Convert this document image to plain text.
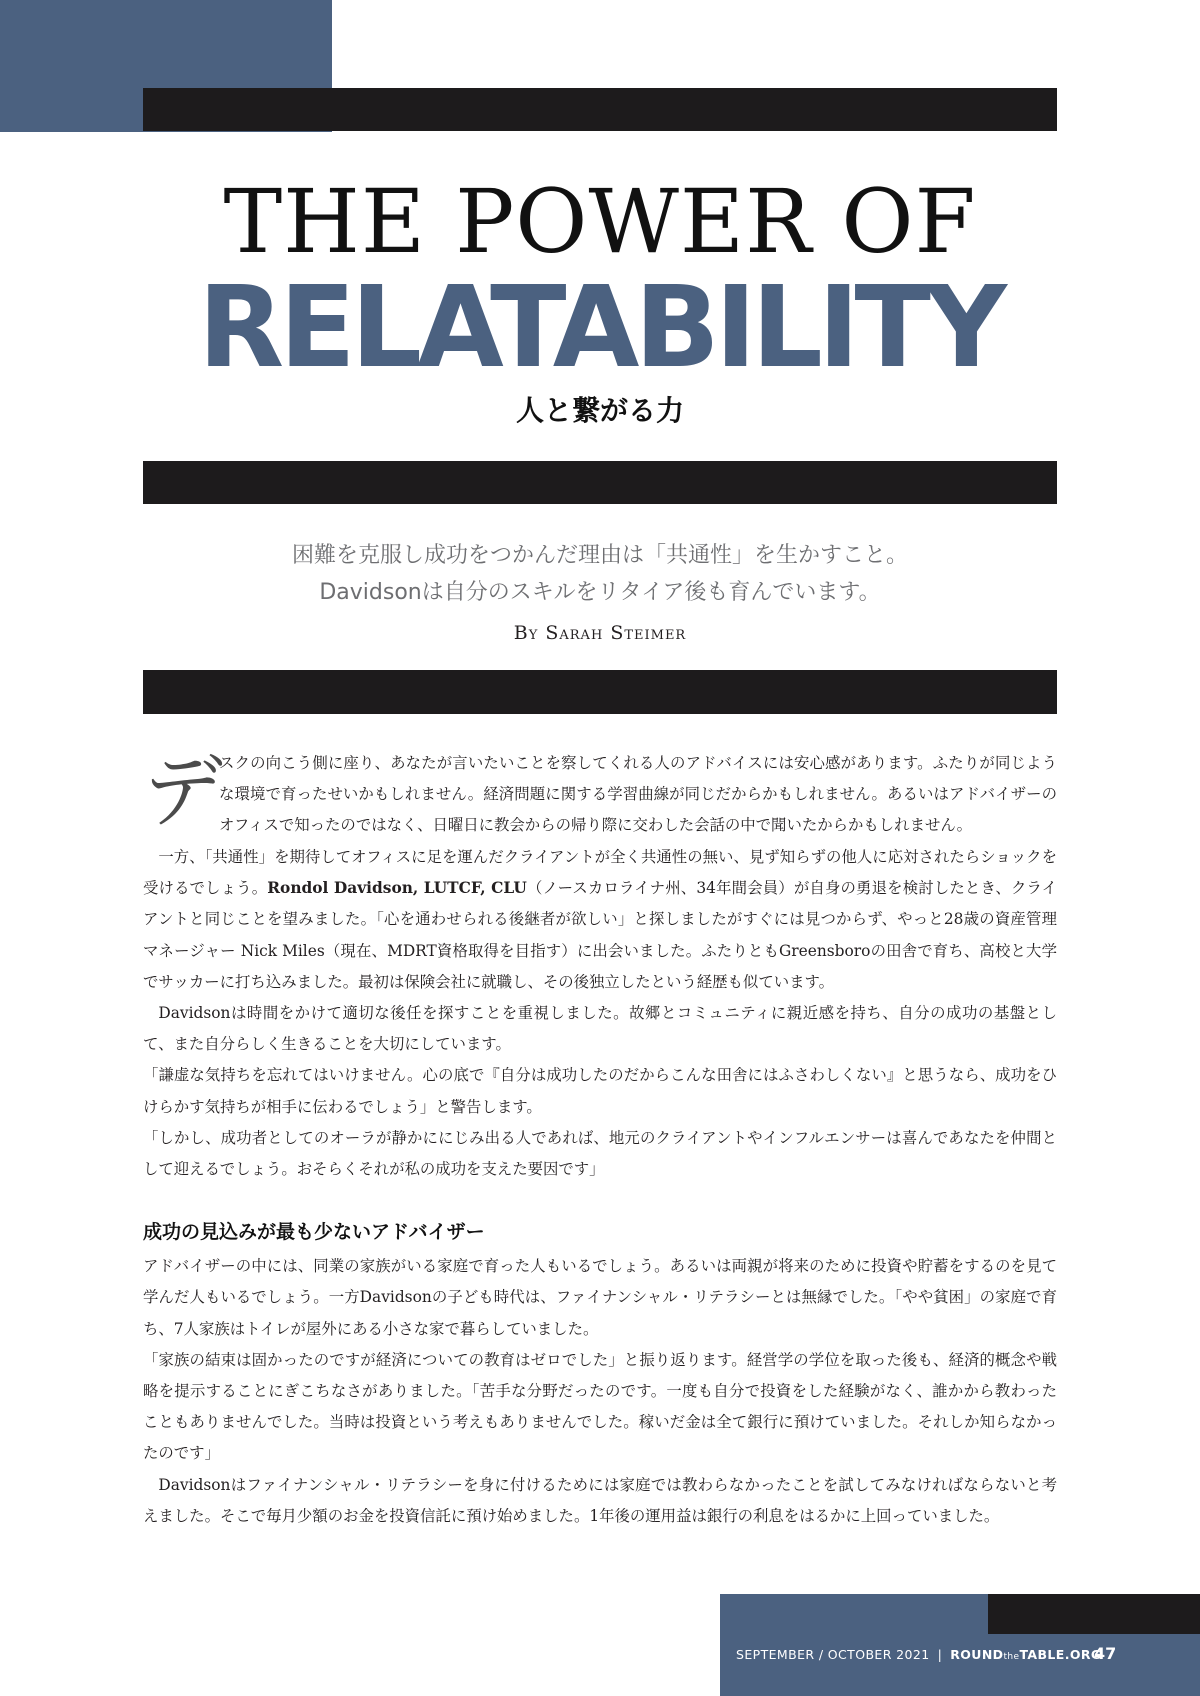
THE POWER OF
RELATABILITY
人と繋がる力
困難を克服し成功をつかんだ理由は「共通性」を生かすこと。
Davidsonは自分のスキルをリタイア後も育んでいます。
By Sarah Steimer
デ

スクの向こう側に座り、あなたが言いたいことを察してくれる人のアドバイスには安心感があります。ふたりが同じような環境で育ったせいかもしれません。経済問題に関する学習曲線が同じだからかもしれません。あるいはアドバイザーのオフィスで知ったのではなく、日曜日に教会からの帰り際に交わした会話の中で聞いたからかもしれません。

一方、「共通性」を期待してオフィスに足を運んだクライアントが全く共通性の無い、見ず知らずの他人に応対されたらショックを受けるでしょう。Rondol Davidson, LUTCF, CLU（ノースカロライナ州、34年間会員）が自身の勇退を検討したとき、クライアントと同じことを望みました。「心を通わせられる後継者が欲しい」と探しましたがすぐには見つからず、やっと28歳の資産管理マネージャー Nick Miles（現在、MDRT資格取得を目指す）に出会いました。ふたりともGreensboroの田舎で育ち、高校と大学でサッカーに打ち込みました。最初は保険会社に就職し、その後独立したという経歴も似ています。

Davidsonは時間をかけて適切な後任を探すことを重視しました。故郷とコミュニティに親近感を持ち、自分の成功の基盤として、また自分らしく生きることを大切にしています。

「謙虚な気持ちを忘れてはいけません。心の底で『自分は成功したのだからこんな田舎にはふさわしくない』と思うなら、成功をひけらかす気持ちが相手に伝わるでしょう」と警告します。

「しかし、成功者としてのオーラが静かににじみ出る人であれば、地元のクライアントやインフルエンサーは喜んであなたを仲間として迎えるでしょう。おそらくそれが私の成功を支えた要因です」

成功の見込みが最も少ないアドバイザー

アドバイザーの中には、同業の家族がいる家庭で育った人もいるでしょう。あるいは両親が将来のために投資や貯蓄をするのを見て学んだ人もいるでしょう。一方Davidsonの子ども時代は、ファイナンシャル・リテラシーとは無縁でした。「やや貧困」の家庭で育ち、7人家族はトイレが屋外にある小さな家で暮らしていました。

「家族の結束は固かったのですが経済についての教育はゼロでした」と振り返ります。経営学の学位を取った後も、経済的概念や戦略を提示することにぎこちなさがありました。「苦手な分野だったのです。一度も自分で投資をした経験がなく、誰かから教わったこともありませんでした。当時は投資という考えもありませんでした。稼いだ金は全て銀行に預けていました。それしか知らなかったのです」

Davidsonはファイナンシャル・リテラシーを身に付けるためには家庭では教わらなかったことを試してみなければならないと考えました。そこで毎月少額のお金を投資信託に預け始めました。1年後の運用益は銀行の利息をはるかに上回っていました。

SEPTEMBER / OCTOBER 2021 | ROUNDtheTABLE.ORG
47
